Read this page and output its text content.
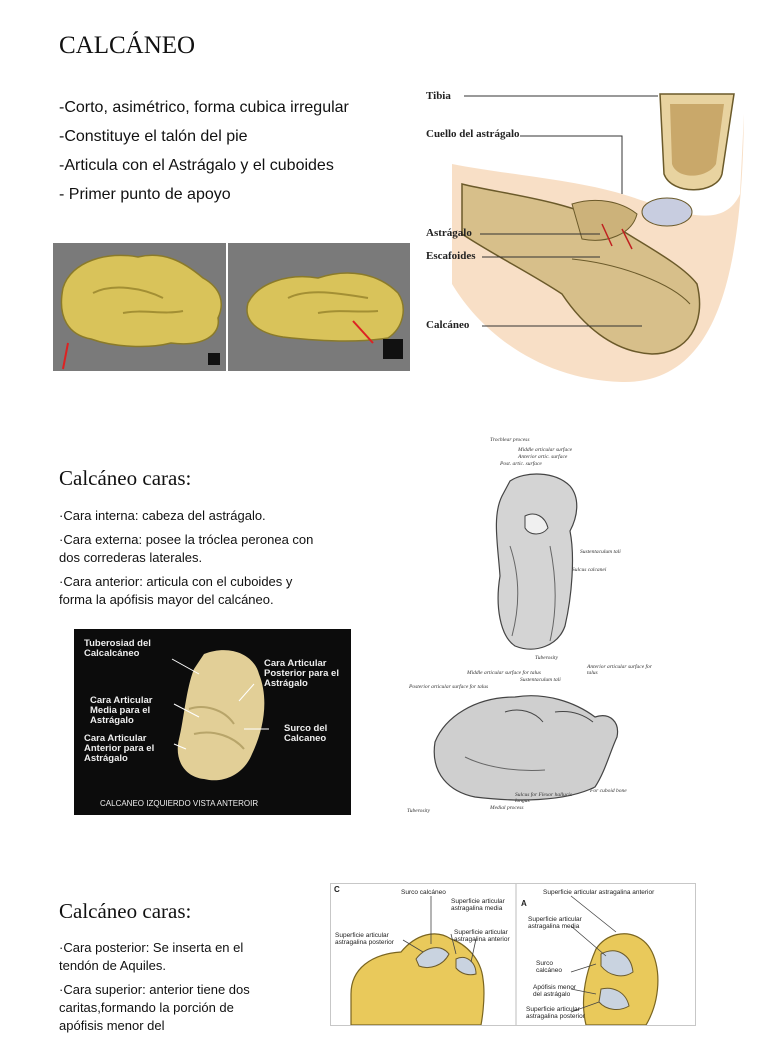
CALCÁNEO
-Corto, asimétrico, forma cubica irregular
-Constituye el talón del pie
-Articula con el Astrágalo y el cuboides
- Primer punto de apoyo
Tibia
Cuello del astrágalo
Astrágalo
Escafoides
Calcáneo
Calcáneo caras:

·Cara interna: cabeza del astrágalo.

·Cara externa: posee la tróclea peronea con dos correderas laterales.

·Cara anterior: articula con el cuboides y forma la apófisis mayor del calcáneo.

Tuberosiad del Calcalcáneo
Cara Articular Posterior para el Astrágalo
Cara Articular Media para el Astrágalo
Cara Articular Anterior para el Astrágalo
Surco del Calcaneo
CALCANEO IZQUIERDO VISTA ANTEROIR
Trochlear process
Middle articular surface
Anterior artic. surface
Post. artic. surface
Sustentaculum tali
Sulcus calcanei
Tuberosity
Middle articular surface for talus
Sustentaculum tali
Posterior articular surface for talus
Anterior articular surface for talus
Sulcus for Flexor hallucis longus
Medial process
For cuboid bone
Tuberosity
Calcáneo caras:

·Cara posterior: Se inserta en el tendón de Aquiles.

·Cara superior: anterior tiene dos caritas,formando la porción de apófisis menor del

C	Surco calcáneo
Superficie articular astragalina media
Superficie articular astragalina posterior
Superficie articular astragalina anterior
A
Superficie articular astragalina anterior
Superficie articular astragalina media
Surco calcáneo
Apófisis menor del astrágalo
Superficie articular astragalina posterior
